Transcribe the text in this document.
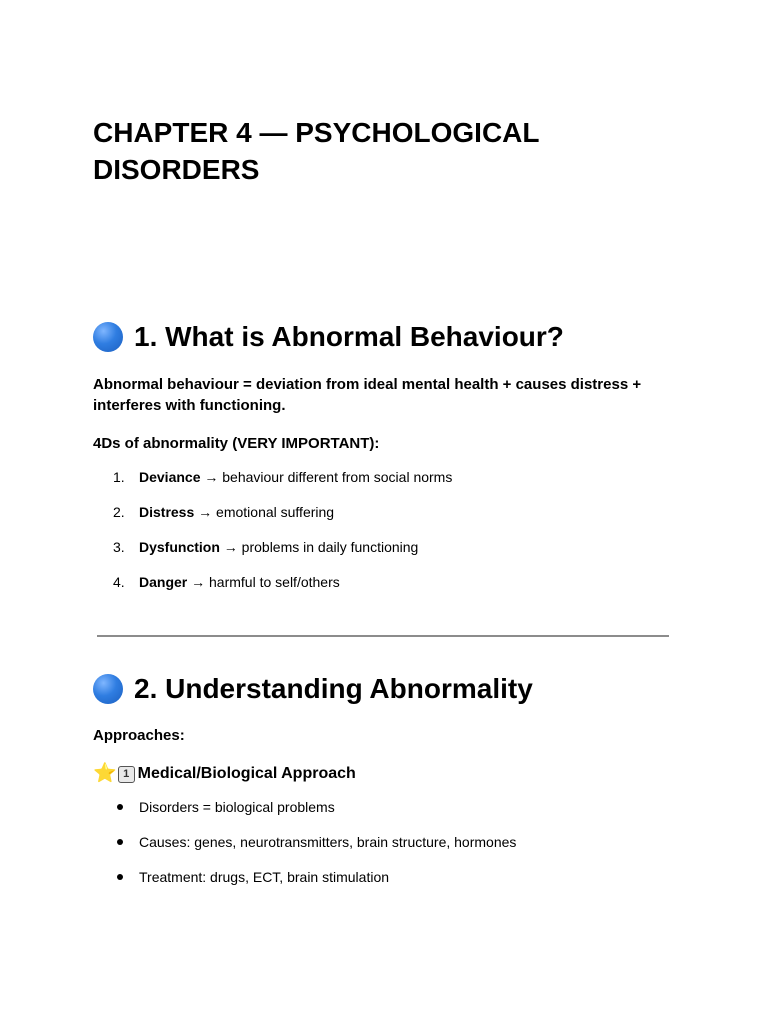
CHAPTER 4 — PSYCHOLOGICAL DISORDERS
1. What is Abnormal Behaviour?

Abnormal behaviour = deviation from ideal mental health + causes distress + interferes with functioning.

4Ds of abnormality (VERY IMPORTANT):

1.	Deviance → behaviour different from social norms
2.	Distress → emotional suffering
3.	Dysfunction → problems in daily functioning
4.	Danger → harmful to self/others
2. Understanding Abnormality

Approaches:

⭐ 1 Medical/Biological Approach
Disorders = biological problems
Causes: genes, neurotransmitters, brain structure, hormones
Treatment: drugs, ECT, brain stimulation
